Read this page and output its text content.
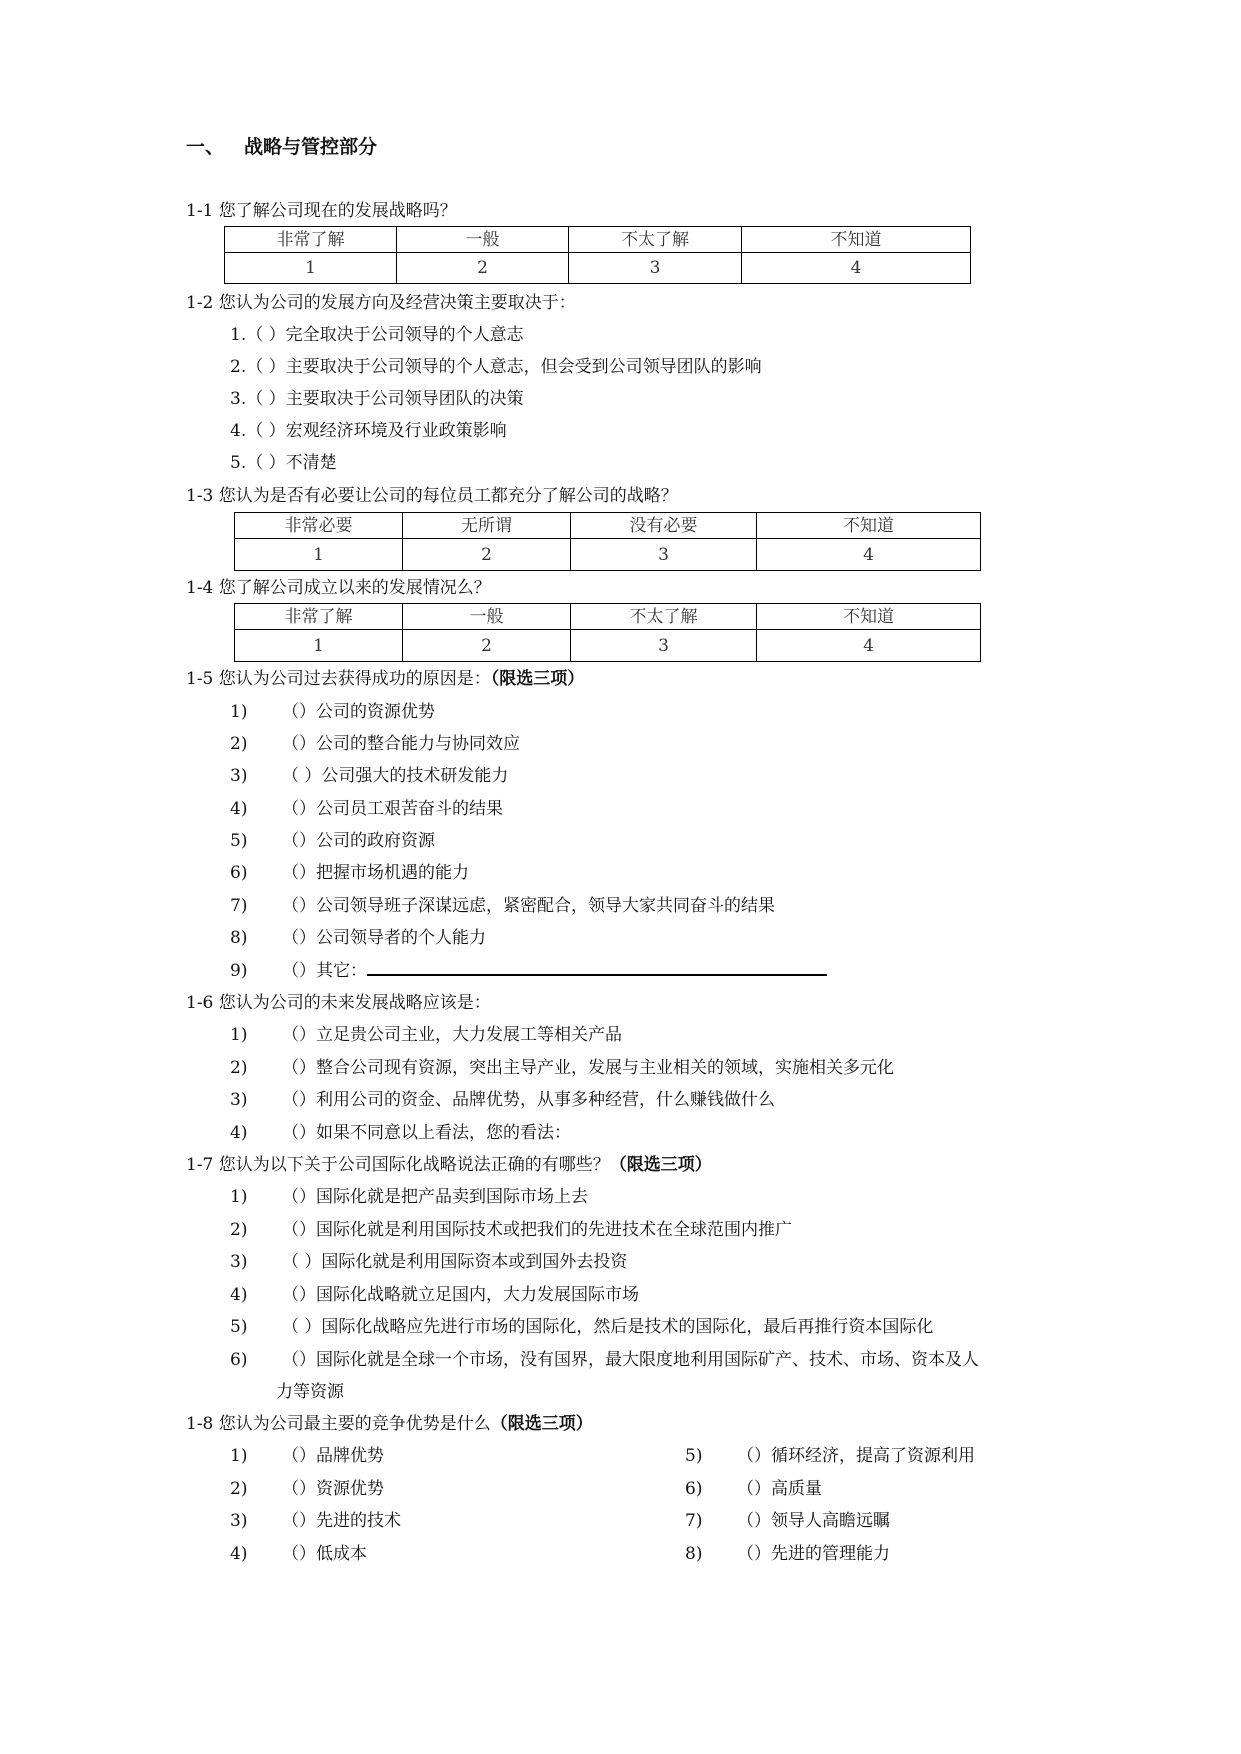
一、 战略与管控部分
1-1 您了解公司现在的发展战略吗？
非常了解	一般	不太了解	不知道
1	2	3	4
1-2 您认为公司的发展方向及经营决策主要取决于：
1.（ ）完全取决于公司领导的个人意志
2.（ ）主要取决于公司领导的个人意志，但会受到公司领导团队的影响
3.（ ）主要取决于公司领导团队的决策
4.（ ）宏观经济环境及行业政策影响
5.（ ）不清楚
1-3 您认为是否有必要让公司的每位员工都充分了解公司的战略？
非常必要	无所谓	没有必要	不知道
1	2	3	4
1-4 您了解公司成立以来的发展情况么？
非常了解	一般	不太了解	不知道
1	2	3	4
1-5 您认为公司过去获得成功的原因是：（限选三项）
1) （）公司的资源优势
2) （）公司的整合能力与协同效应
3) （ ）公司强大的技术研发能力
4) （）公司员工艰苦奋斗的结果
5) （）公司的政府资源
6) （）把握市场机遇的能力
7) （）公司领导班子深谋远虑，紧密配合，领导大家共同奋斗的结果
8) （）公司领导者的个人能力
9) （）其它：
1-6 您认为公司的未来发展战略应该是：
1) （）立足贵公司主业，大力发展工等相关产品
2) （）整合公司现有资源，突出主导产业，发展与主业相关的领域，实施相关多元化
3) （）利用公司的资金、品牌优势，从事多种经营，什么赚钱做什么
4) （）如果不同意以上看法，您的看法：
1-7 您认为以下关于公司国际化战略说法正确的有哪些？（限选三项）
1) （）国际化就是把产品卖到国际市场上去
2) （）国际化就是利用国际技术或把我们的先进技术在全球范围内推广
3) （ ）国际化就是利用国际资本或到国外去投资
4) （）国际化战略就立足国内，大力发展国际市场
5) （ ）国际化战略应先进行市场的国际化，然后是技术的国际化，最后再推行资本国际化
6) （）国际化就是全球一个市场，没有国界，最大限度地利用国际矿产、技术、市场、资本及人
力等资源
1-8 您认为公司最主要的竞争优势是什么（限选三项）
1) （）品牌优势
2) （）资源优势
3) （）先进的技术
4) （）低成本
5) （）循环经济，提高了资源利用
6) （）高质量
7) （）领导人高瞻远瞩
8) （）先进的管理能力
